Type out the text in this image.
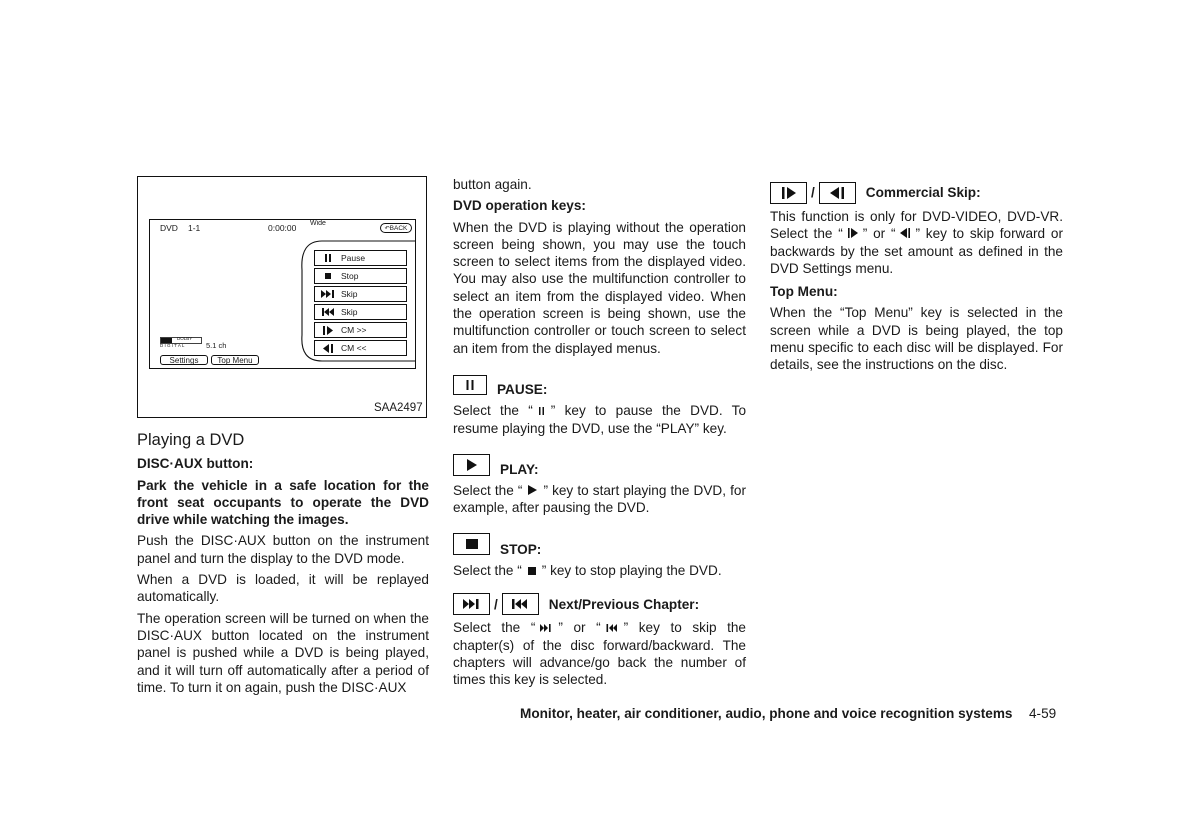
DVD 1-1	0:00:00 Wide
↶BACK
Pause
Stop
Skip
Skip
CM >>
CM <<
DOLBY
D I G I T A L	5.1 ch
Settings	Top Menu
SAA2497
Playing a DVD
DISC·AUX button:

Park the vehicle in a safe location for the front seat occupants to operate the DVD drive while watching the images.

Push the DISC·AUX button on the instrument panel and turn the display to the DVD mode.

When a DVD is loaded, it will be replayed automatically.

The operation screen will be turned on when the DISC·AUX button located on the instrument panel is pushed while a DVD is being played, and it will turn off automatically after a period of time. To turn it on again, push the DISC·AUX

button again.

DVD operation keys:

When the DVD is playing without the operation screen being shown, you may use the touch screen to select items from the displayed video. You may also use the multifunction controller to select an item from the displayed video. When the operation screen is being shown, use the multifunction controller or touch screen to select an item from the displayed menus.

PAUSE:

Select the “ ” key to pause the DVD. To resume playing the DVD, use the “PLAY” key.

PLAY:

Select the “ ” key to start playing the DVD, for example, after pausing the DVD.

STOP:

Select the “ ” key to stop playing the DVD.

/	Next/Previous Chapter:

Select the “ ” or “ ” key to skip the chapter(s) of the disc forward/backward. The chapters will advance/go back the number of times this key is selected.

/	Commercial Skip:

This function is only for DVD-VIDEO, DVD-VR. Select the “ ” or “ ” key to skip forward or backwards by the set amount as defined in the DVD Settings menu.

Top Menu:

When the “Top Menu” key is selected in the screen while a DVD is being played, the top menu specific to each disc will be displayed. For details, see the instructions on the disc.

Monitor, heater, air conditioner, audio, phone and voice recognition systems 4-59
